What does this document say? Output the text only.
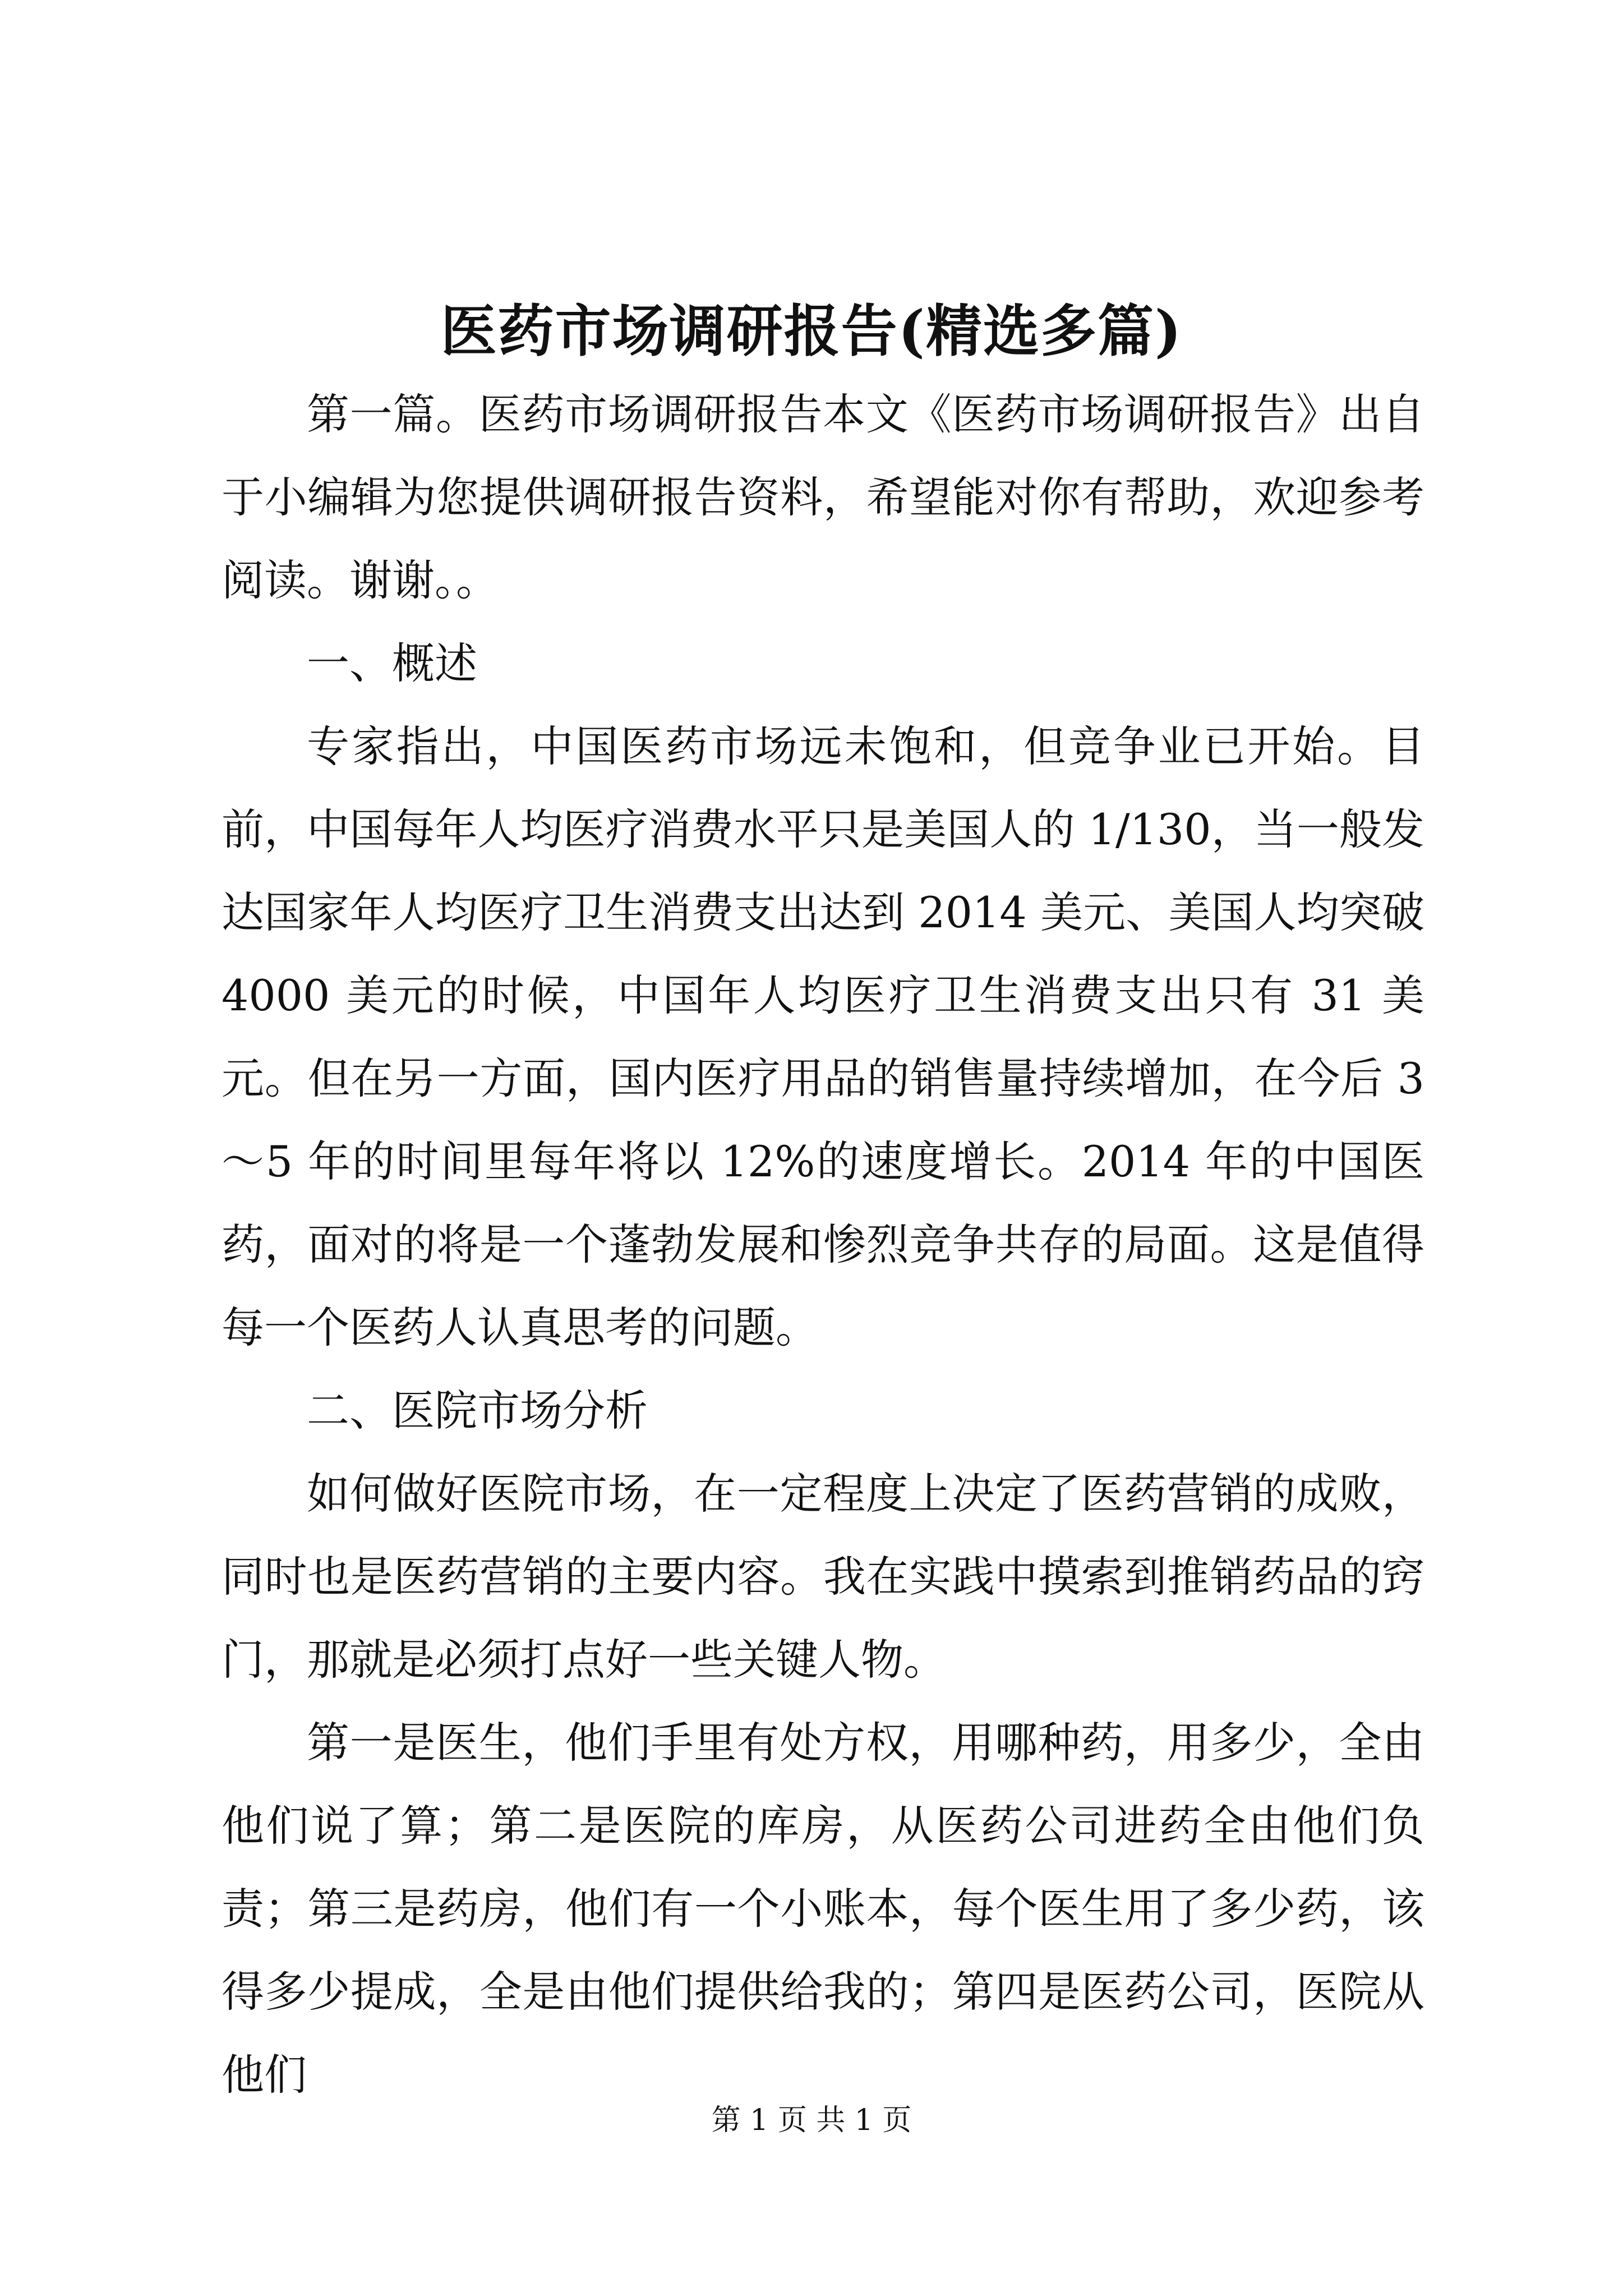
医药市场调研报告(精选多篇)

第一篇。医药市场调研报告本文《医药市场调研报告》出自于小编辑为您提供调研报告资料，希望能对你有帮助，欢迎参考阅读。谢谢。。

一、概述

专家指出，中国医药市场远未饱和，但竞争业已开始。目前，中国每年人均医疗消费水平只是美国人的 1/130，当一般发达国家年人均医疗卫生消费支出达到 2014 美元、美国人均突破 4000 美元的时候，中国年人均医疗卫生消费支出只有 31 美元。但在另一方面，国内医疗用品的销售量持续增加，在今后 3～5 年的时间里每年将以 12%的速度增长。2014 年的中国医药，面对的将是一个蓬勃发展和惨烈竞争共存的局面。这是值得每一个医药人认真思考的问题。

二、医院市场分析

如何做好医院市场，在一定程度上决定了医药营销的成败，同时也是医药营销的主要内容。我在实践中摸索到推销药品的窍门，那就是必须打点好一些关键人物。

第一是医生，他们手里有处方权，用哪种药，用多少，全由他们说了算；第二是医院的库房，从医药公司进药全由他们负责；第三是药房，他们有一个小账本，每个医生用了多少药，该得多少提成，全是由他们提供给我的；第四是医药公司，医院从他们

第 1 页 共 1 页
